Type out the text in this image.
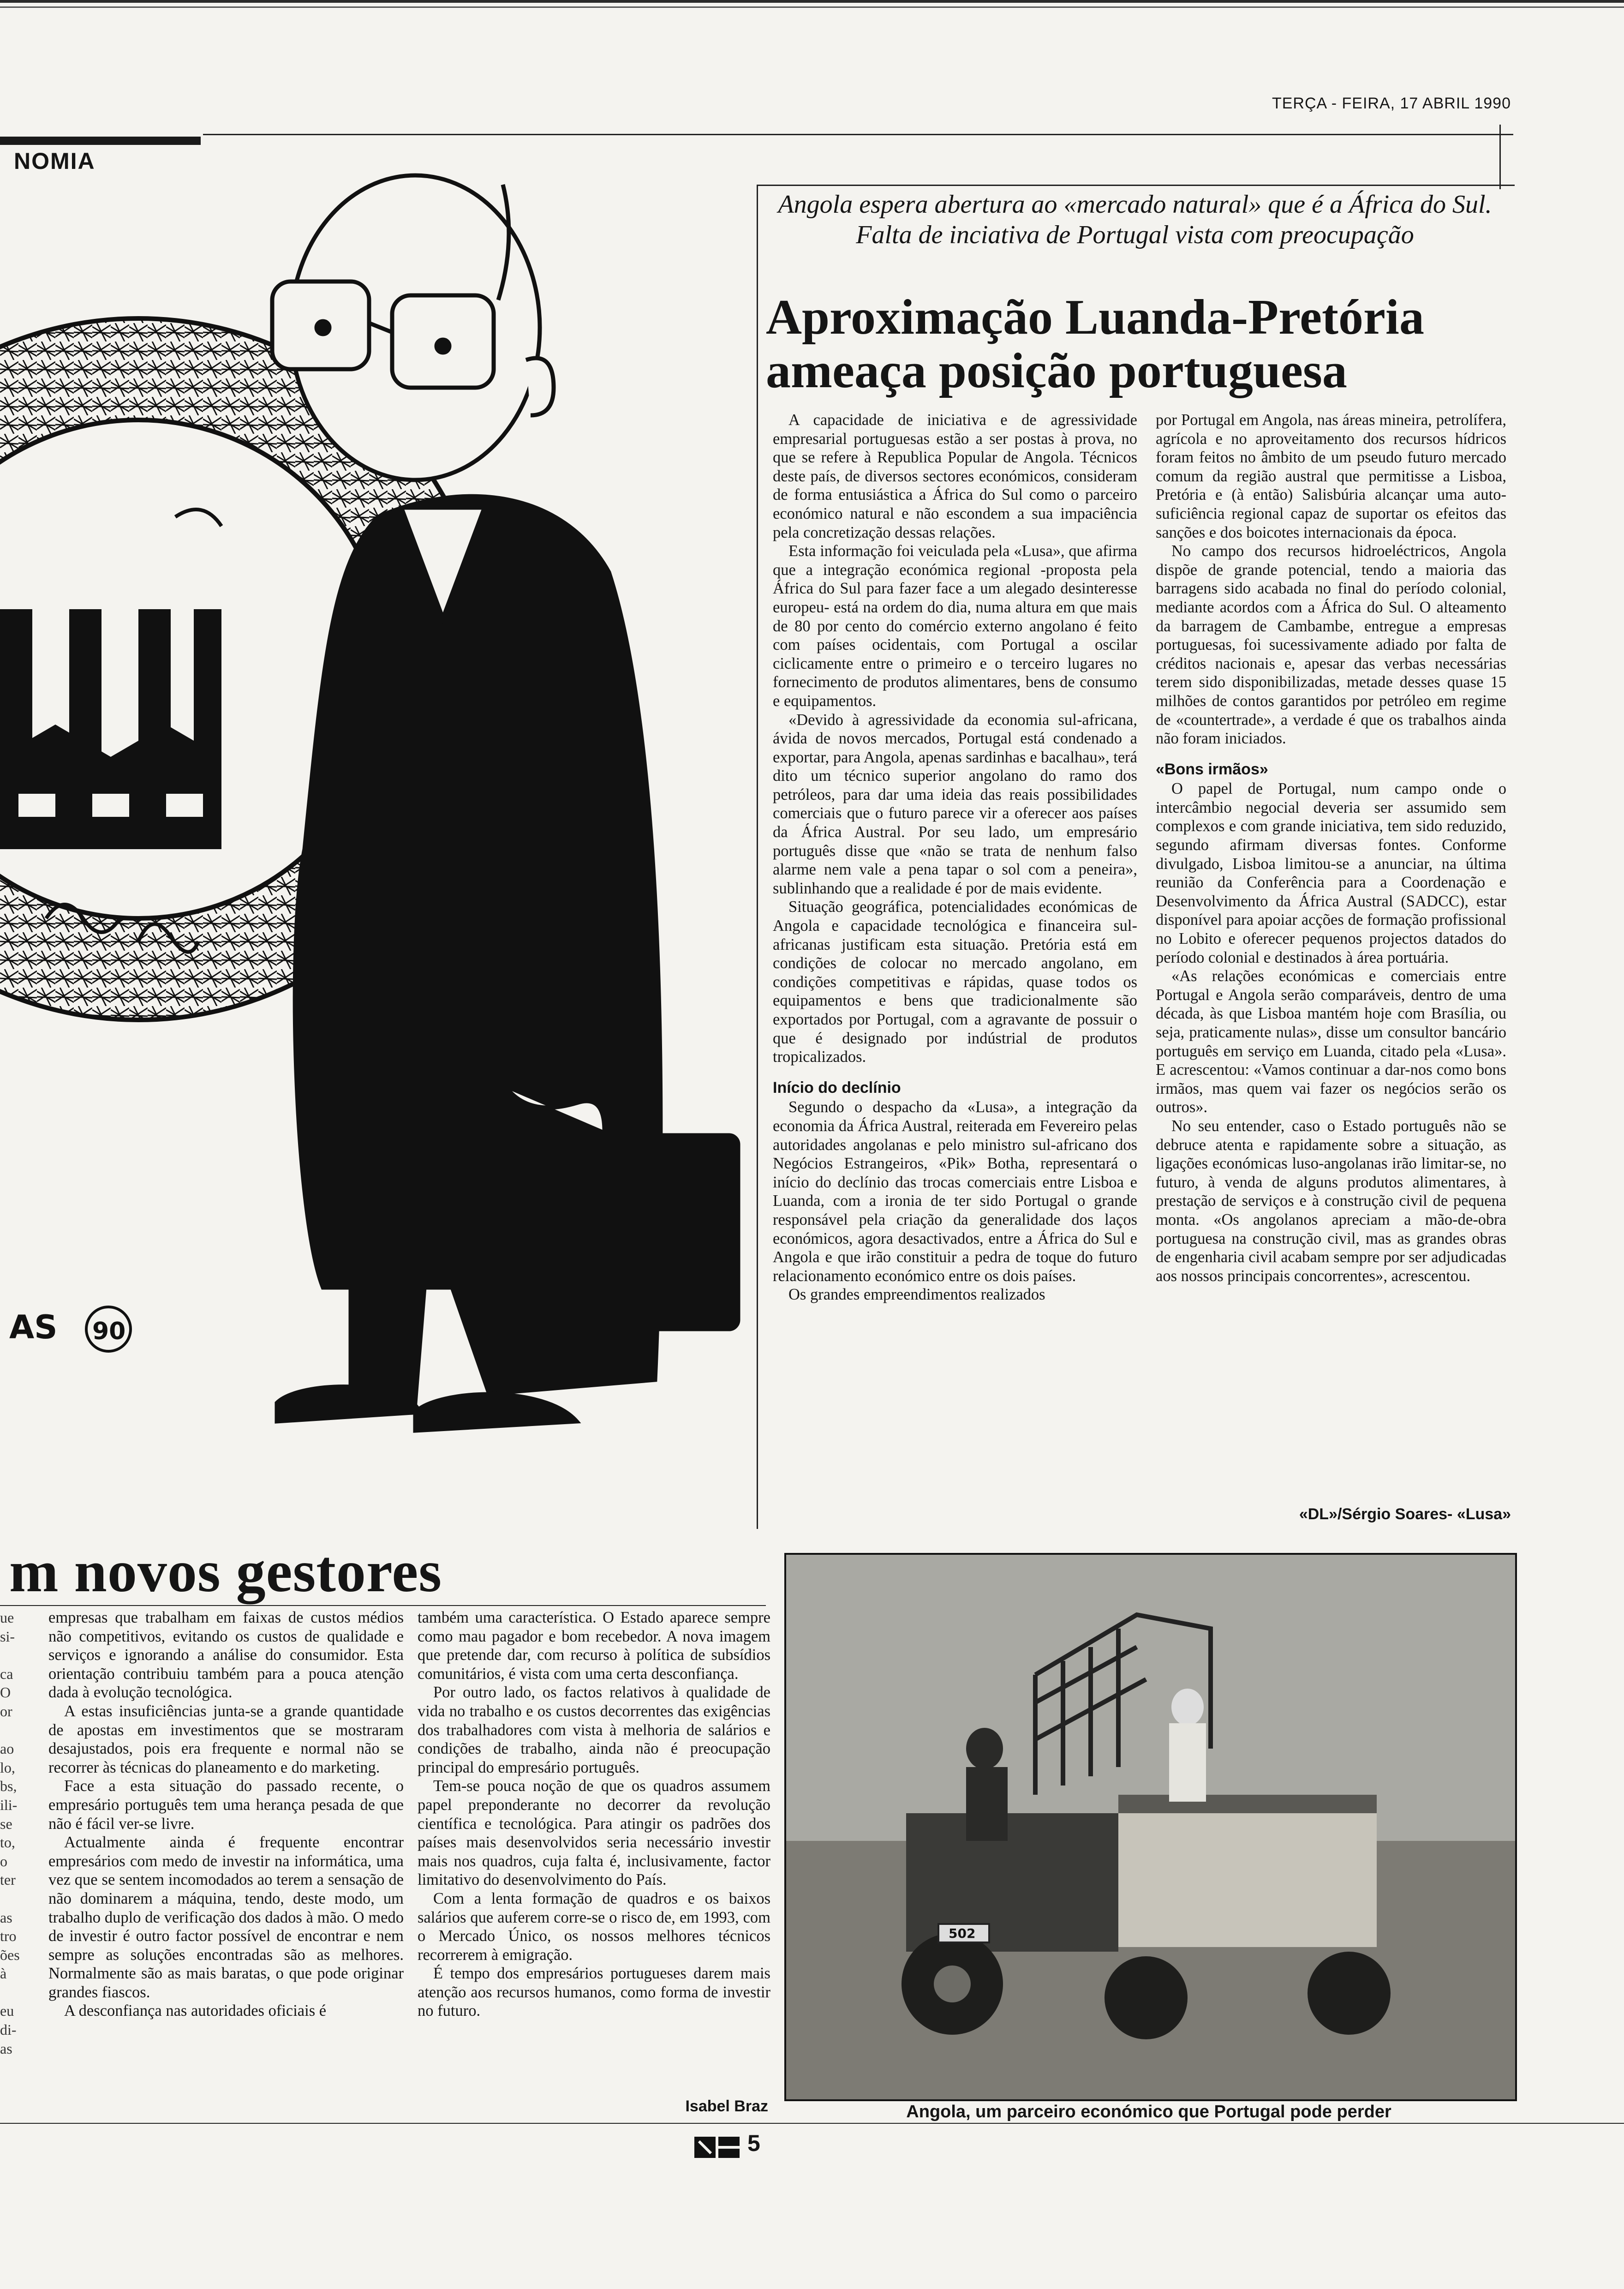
TERÇA - FEIRA, 17 ABRIL 1990
NOMIA
AS 90
Angola espera abertura ao «mercado natural» que é a África do Sul. Falta de inciativa de Portugal vista com preocupação
Aproximação Luanda-Pretória ameaça posição portuguesa

A capacidade de iniciativa e de agressividade empresarial portuguesas estão a ser postas à prova, no que se refere à Republica Popular de Angola. Técnicos deste país, de diversos sectores económicos, consideram de forma entusiástica a África do Sul como o parceiro económico natural e não escondem a sua impaciência pela concretização dessas relações.

Esta informação foi veiculada pela «Lusa», que afirma que a integração económica regional -proposta pela África do Sul para fazer face a um alegado desinteresse europeu- está na ordem do dia, numa altura em que mais de 80 por cento do comércio externo angolano é feito com países ocidentais, com Portugal a oscilar ciclicamente entre o primeiro e o terceiro lugares no fornecimento de produtos alimentares, bens de consumo e equipamentos.

«Devido à agressividade da economia sul-africana, ávida de novos mercados, Portugal está condenado a exportar, para Angola, apenas sardinhas e bacalhau», terá dito um técnico superior angolano do ramo dos petróleos, para dar uma ideia das reais possibilidades comerciais que o futuro parece vir a oferecer aos países da África Austral. Por seu lado, um empresário português disse que «não se trata de nenhum falso alarme nem vale a pena tapar o sol com a peneira», sublinhando que a realidade é por de mais evidente.

Situação geográfica, potencialidades económicas de Angola e capacidade tecnológica e financeira sul-africanas justificam esta situação. Pretória está em condições de colocar no mercado angolano, em condições competitivas e rápidas, quase todos os equipamentos e bens que tradicionalmente são exportados por Portugal, com a agravante de possuir o que é designado por indústrial de produtos tropicalizados.

Início do declínio

Segundo o despacho da «Lusa», a integração da economia da África Austral, reiterada em Fevereiro pelas autoridades angolanas e pelo ministro sul-africano dos Negócios Estrangeiros, «Pik» Botha, representará o início do declínio das trocas comerciais entre Lisboa e Luanda, com a ironia de ter sido Portugal o grande responsável pela criação da generalidade dos laços económicos, agora desactivados, entre a África do Sul e Angola e que irão constituir a pedra de toque do futuro relacionamento económico entre os dois países.

Os grandes empreendimentos realizados

por Portugal em Angola, nas áreas mineira, petrolífera, agrícola e no aproveitamento dos recursos hídricos foram feitos no âmbito de um pseudo futuro mercado comum da região austral que permitisse a Lisboa, Pretória e (à então) Salisbúria alcançar uma auto-suficiência regional capaz de suportar os efeitos das sanções e dos boicotes internacionais da época.

No campo dos recursos hidroeléctricos, Angola dispõe de grande potencial, tendo a maioria das barragens sido acabada no final do período colonial, mediante acordos com a África do Sul. O alteamento da barragem de Cambambe, entregue a empresas portuguesas, foi sucessivamente adiado por falta de créditos nacionais e, apesar das verbas necessárias terem sido disponibilizadas, metade desses quase 15 milhões de contos garantidos por petróleo em regime de «countertrade», a verdade é que os trabalhos ainda não foram iniciados.

«Bons irmãos»

O papel de Portugal, num campo onde o intercâmbio negocial deveria ser assumido sem complexos e com grande iniciativa, tem sido reduzido, segundo afirmam diversas fontes. Conforme divulgado, Lisboa limitou-se a anunciar, na última reunião da Conferência para a Coordenação e Desenvolvimento da África Austral (SADCC), estar disponível para apoiar acções de formação profissional no Lobito e oferecer pequenos projectos datados do período colonial e destinados à área portuária.

«As relações económicas e comerciais entre Portugal e Angola serão comparáveis, dentro de uma década, às que Lisboa mantém hoje com Brasília, ou seja, praticamente nulas», disse um consultor bancário português em serviço em Luanda, citado pela «Lusa». E acrescentou: «Vamos continuar a dar-nos como bons irmãos, mas quem vai fazer os negócios serão os outros».

No seu entender, caso o Estado português não se debruce atenta e rapidamente sobre a situação, as ligações económicas luso-angolanas irão limitar-se, no futuro, à venda de alguns produtos alimentares, à prestação de serviços e à construção civil de pequena monta. «Os angolanos apreciam a mão-de-obra portuguesa na construção civil, mas as grandes obras de engenharia civil acabam sempre por ser adjudicadas aos nossos principais concorrentes», acrescentou.

«DL»/Sérgio Soares- «Lusa»
m novos gestores
ue
si-
ca
O
or
ao
lo,
bs,
ili-
se
to,
o
ter
as
tro
ões
à
eu
di-
as

empresas que trabalham em faixas de custos médios não competitivos, evitando os custos de qualidade e serviços e ignorando a análise do consumidor. Esta orientação contribuiu também para a pouca atenção dada à evolução tecnológica.

A estas insuficiências junta-se a grande quantidade de apostas em investimentos que se mostraram desajustados, pois era frequente e normal não se recorrer às técnicas do planeamento e do marketing.

Face a esta situação do passado recente, o empresário português tem uma herança pesada de que não é fácil ver-se livre.

Actualmente ainda é frequente encontrar empresários com medo de investir na informática, uma vez que se sentem incomodados ao terem a sensação de não dominarem a máquina, tendo, deste modo, um trabalho duplo de verificação dos dados à mão. O medo de investir é outro factor possível de encontrar e nem sempre as soluções encontradas são as melhores. Normalmente são as mais baratas, o que pode originar grandes fiascos.

A desconfiança nas autoridades oficiais é

também uma característica. O Estado aparece sempre como mau pagador e bom recebedor. A nova imagem que pretende dar, com recurso à política de subsídios comunitários, é vista com uma certa desconfiança.

Por outro lado, os factos relativos à qualidade de vida no trabalho e os custos decorrentes das exigências dos trabalhadores com vista à melhoria de salários e condições de trabalho, ainda não é preocupação principal do empresário português.

Tem-se pouca noção de que os quadros assumem papel preponderante no decorrer da revolução científica e tecnológica. Para atingir os padrões dos países mais desenvolvidos seria necessário investir mais nos quadros, cuja falta é, inclusivamente, factor limitativo do desenvolvimento do País.

Com a lenta formação de quadros e os baixos salários que auferem corre-se o risco de, em 1993, com o Mercado Único, os nossos melhores técnicos recorrerem à emigração.

É tempo dos empresários portugueses darem mais atenção aos recursos humanos, como forma de investir no futuro.

Isabel Braz
502
Angola, um parceiro económico que Portugal pode perder
5
